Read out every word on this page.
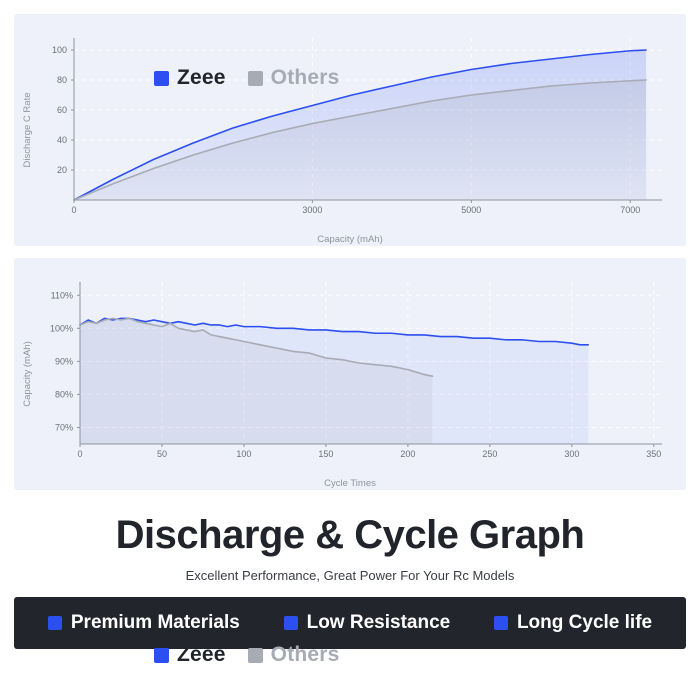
20
40
60
80
100
0	3000	5000	7000
Capacity (mAh)
Discharge C Rate
Zeee Others
70%
80%
90%
100%
110%
0	50	100	150	200	250	300	350
Cycle Times
Capacity (mAh)
Zeee Others
Discharge & Cycle Graph
Excellent Performance, Great Power For Your Rc Models
Premium Materials	Low Resistance	Long Cycle life
